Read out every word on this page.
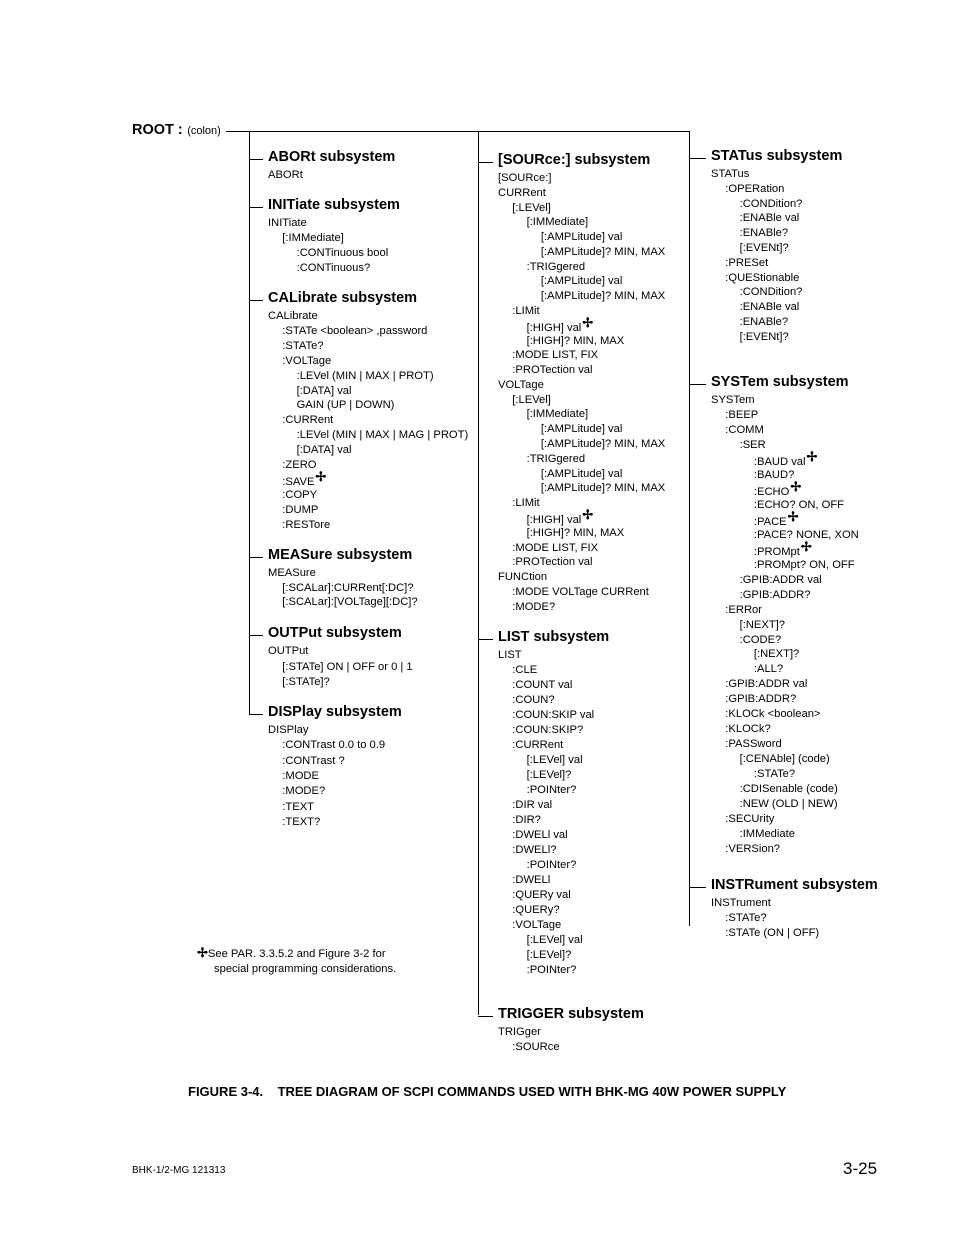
ROOT : (colon)
ABORt subsystem
ABORt
INITiate subsystem
INITiate
[:IMMediate]
:CONTinuous bool
:CONTinuous?
CALibrate subsystem
CALibrate
:STATe <boolean> ,password
:STATe?
:VOLTage
:LEVel (MIN | MAX | PROT)
[:DATA] val
GAIN (UP | DOWN)
:CURRent
:LEVel (MIN | MAX | MAG | PROT)
[:DATA] val
:ZERO
:SAVE✢
:COPY
:DUMP
:RESTore
MEASure subsystem
MEASure
[:SCALar]:CURRent[:DC]?
[:SCALar]:[VOLTage][:DC]?
OUTPut subsystem
OUTPut
[:STATe] ON | OFF or 0 | 1
[:STATe]?
DISPlay subsystem
DISPlay
:CONTrast 0.0 to 0.9
:CONTrast ?
:MODE
:MODE?
:TEXT
:TEXT?
[SOURce:] subsystem
[SOURce:]
CURRent
[:LEVel]
[:IMMediate]
[:AMPLitude] val
[:AMPLitude]? MIN, MAX
:TRIGgered
[:AMPLitude] val
[:AMPLitude]? MIN, MAX
:LIMit
[:HIGH] val✢
[:HIGH]? MIN, MAX
:MODE LIST, FIX
:PROTection val
VOLTage
[:LEVel]
[:IMMediate]
[:AMPLitude] val
[:AMPLitude]? MIN, MAX
:TRIGgered
[:AMPLitude] val
[:AMPLitude]? MIN, MAX
:LIMit
[:HIGH] val✢
[:HIGH]? MIN, MAX
:MODE LIST, FIX
:PROTection val
FUNCtion
:MODE VOLTage CURRent
:MODE?
LIST subsystem
LIST
:CLE
:COUNT val
:COUN?
:COUN:SKIP val
:COUN:SKIP?
:CURRent
[:LEVel] val
[:LEVel]?
:POINter?
:DIR val
:DIR?
:DWELl val
:DWELl?
:POINter?
:DWELl
:QUERy val
:QUERy?
:VOLTage
[:LEVel] val
[:LEVel]?
:POINter?
TRIGGER subsystem
TRIGger
:SOURce
STATus subsystem
STATus
:OPERation
:CONDition?
:ENABle val
:ENABle?
[:EVENt]?
:PRESet
:QUEStionable
:CONDition?
:ENABle val
:ENABle?
[:EVENt]?
SYSTem subsystem
SYSTem
:BEEP
:COMM
:SER
:BAUD val✢
:BAUD?
:ECHO✢
:ECHO? ON, OFF
:PACE✢
:PACE? NONE, XON
:PROMpt✢
:PROMpt? ON, OFF
:GPIB:ADDR val
:GPIB:ADDR?
:ERRor
[:NEXT]?
:CODE?
[:NEXT]?
:ALL?
:GPIB:ADDR val
:GPIB:ADDR?
:KLOCk <boolean>
:KLOCk?
:PASSword
[:CENAble] (code)
:STATe?
:CDISenable (code)
:NEW (OLD | NEW)
:SECUrity
:IMMediate
:VERSion?
INSTRument subsystem
INSTrument
:STATe?
:STATe (ON | OFF)
✢See PAR. 3.3.5.2 and Figure 3-2 for
special programming considerations.
FIGURE 3-4.    TREE DIAGRAM OF SCPI COMMANDS USED WITH BHK-MG 40W POWER SUPPLY
BHK-1/2-MG 121313	3-25
